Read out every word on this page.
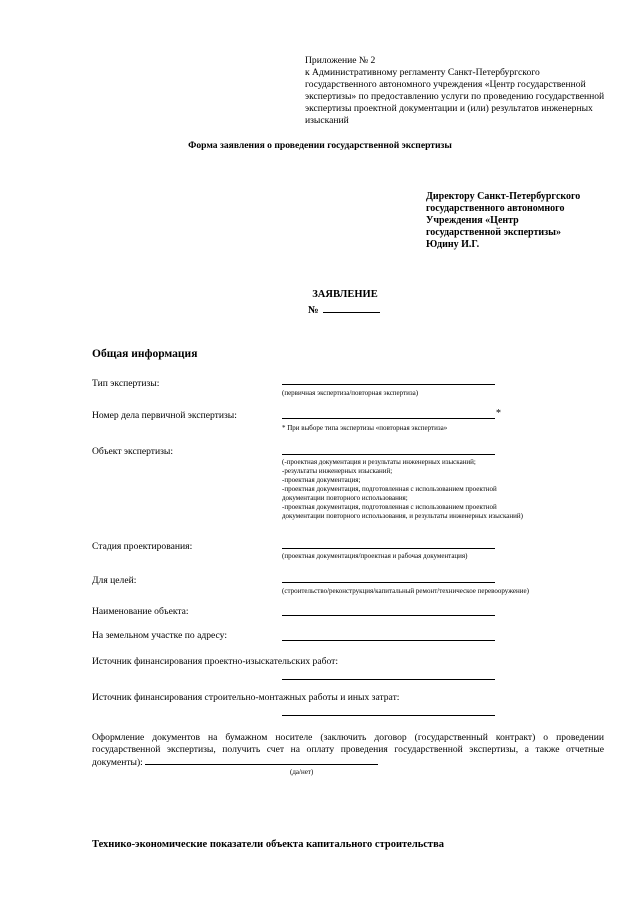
Приложение № 2
к Административному регламенту Санкт-Петербургского государственного автономного учреждения «Центр государственной экспертизы» по предоставлению услуги по проведению государственной экспертизы проектной документации и (или) результатов инженерных изысканий
Форма заявления о проведении государственной экспертизы
Директору Санкт-Петербургского
государственного автономного
Учреждения «Центр
государственной экспертизы»
Юдину И.Г.
ЗАЯВЛЕНИЕ
№
Общая информация
Тип экспертизы:
(первичная экспертиза/повторная экспертиза)
Номер дела первичной экспертизы:	*
* При выборе типа экспертизы «повторная экспертиза»
Объект экспертизы:
(-проектная документация и результаты инженерных изысканий;
-результаты инженерных изысканий;
-проектная документация;
-проектная документация, подготовленная с использованием проектной
документации повторного использования;
-проектная документация, подготовленная с использованием проектной
документации повторного использования, и результаты инженерных изысканий)
Стадия проектирования:
(проектная документация/проектная и рабочая документация)
Для целей:
(строительство/реконструкция/капитальный ремонт/техническое перевооружение)
Наименование объекта:
На земельном участке по адресу:
Источник финансирования проектно-изыскательских работ:
Источник финансирования строительно-монтажных работы и иных затрат:
Оформление документов на бумажном носителе (заключить договор (государственный контракт) о проведении государственной экспертизы, получить счет на оплату проведения государственной экспертизы, а также отчетные документы):
(да/нет)
Технико-экономические показатели объекта капитального строительства
